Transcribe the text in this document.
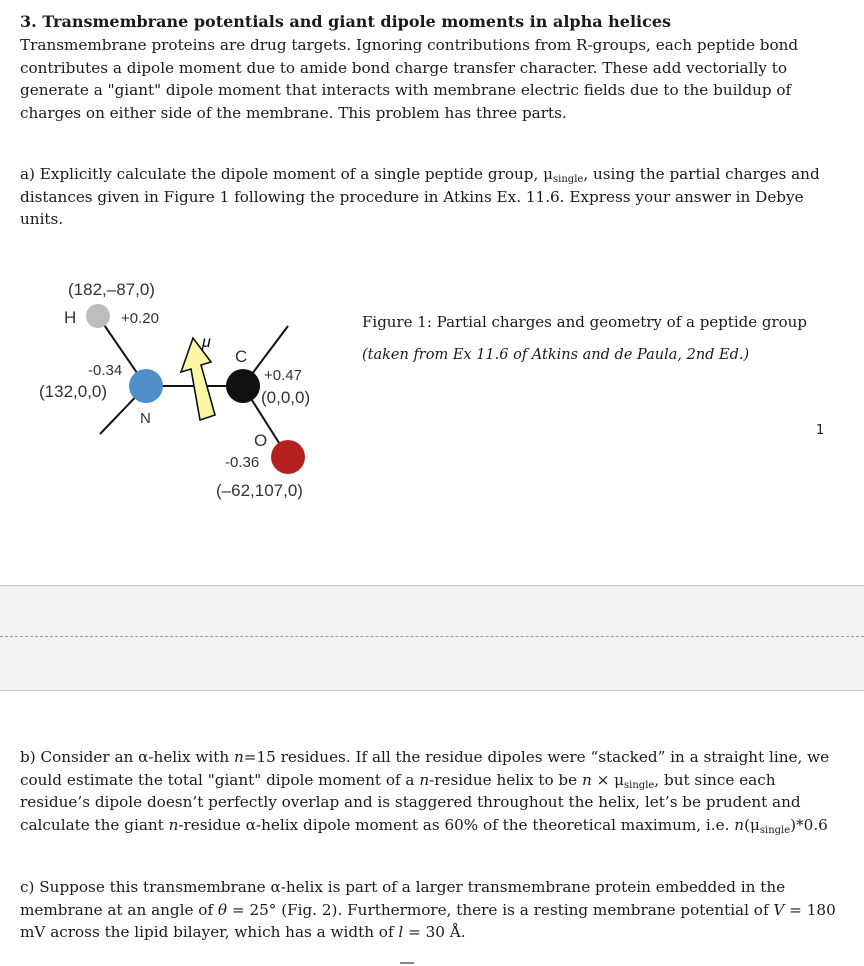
3. Transmembrane potentials and giant dipole moments in alpha helices
Transmembrane proteins are drug targets. Ignoring contributions from R-groups, each peptide bond contributes a dipole moment due to amide bond charge transfer character. These add vectorially to generate a "giant" dipole moment that interacts with membrane electric fields due to the buildup of charges on either side of the membrane. This problem has three parts.
a) Explicitly calculate the dipole moment of a single peptide group, $\mu_{single}$, using the partial charges and distances given in Figure 1 following the procedure in Atkins Ex. 11.6. Express your answer in Debye units.
μ
(182,–87,0)
H	+0.20
-0.34
(132,0,0)
N
C
+0.47
(0,0,0)
O
-0.36
(–62,107,0)
Figure 1: Partial charges and geometry of a peptide group
(taken from Ex 11.6 of Atkins and de Paula, 2nd Ed.)
1
b) Consider an α-helix with n=15 residues. If all the residue dipoles were “stacked” in a straight line, we could estimate the total "giant" dipole moment of a n-residue helix to be $n \times \mu_{single}$, but since each residue’s dipole doesn’t perfectly overlap and is staggered throughout the helix, let’s be prudent and calculate the giant n-residue α-helix dipole moment as 60% of the theoretical maximum, i.e. $n(\mu_{single})*0.6$
c) Suppose this transmembrane α-helix is part of a larger transmembrane protein embedded in the membrane at an angle of θ = 25° (Fig. 2). Furthermore, there is a resting membrane potential of V = 180 mV across the lipid bilayer, which has a width of l = 30 Å.
